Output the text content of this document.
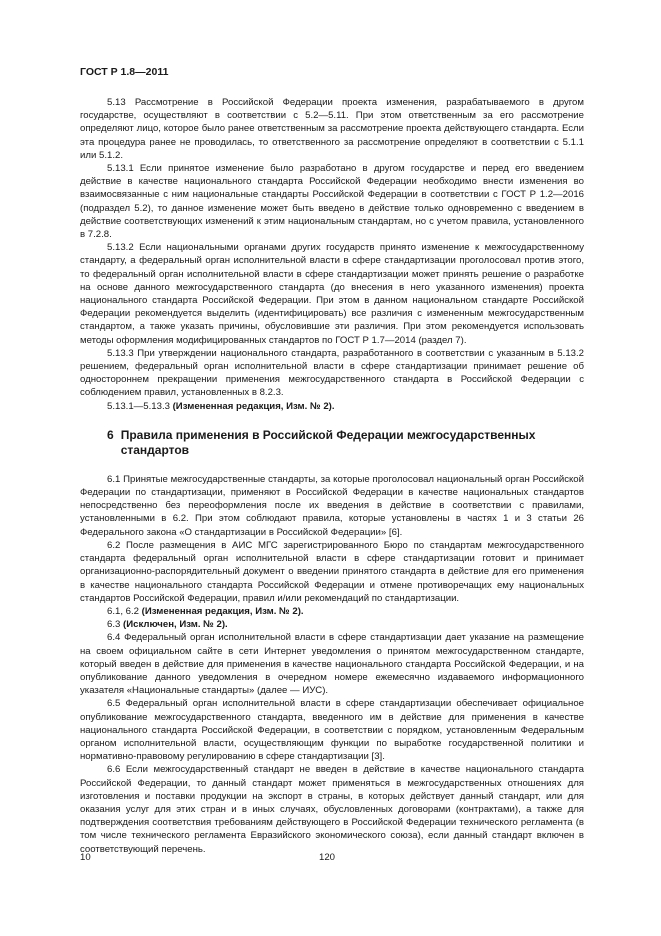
ГОСТ Р 1.8—2011

5.13 Рассмотрение в Российской Федерации проекта изменения, разрабатываемого в другом государстве, осуществляют в соответствии с 5.2—5.11. При этом ответственным за его рассмотрение определяют лицо, которое было ранее ответственным за рассмотрение проекта действующего стандарта. Если эта процедура ранее не проводилась, то ответственного за рассмотрение определяют в соответствии с 5.1.1 или 5.1.2.

5.13.1 Если принятое изменение было разработано в другом государстве и перед его введением действие в качестве национального стандарта Российской Федерации необходимо внести изменения во взаимосвязанные с ним национальные стандарты Российской Федерации в соответствии с ГОСТ Р 1.2—2016 (подраздел 5.2), то данное изменение может быть введено в действие только одновременно с введением в действие соответствующих изменений к этим национальным стандартам, но с учетом правила, установленного в 7.2.8.

5.13.2 Если национальными органами других государств принято изменение к межгосударственному стандарту, а федеральный орган исполнительной власти в сфере стандартизации проголосовал против этого, то федеральный орган исполнительной власти в сфере стандартизации может принять решение о разработке на основе данного межгосударственного стандарта (до внесения в него указанного изменения) проекта национального стандарта Российской Федерации. При этом в данном национальном стандарте Российской Федерации рекомендуется выделить (идентифицировать) все различия с измененным межгосударственным стандартом, а также указать причины, обусловившие эти различия. При этом рекомендуется использовать методы оформления модифицированных стандартов по ГОСТ Р 1.7—2014 (раздел 7).

5.13.3 При утверждении национального стандарта, разработанного в соответствии с указанным в 5.13.2 решением, федеральный орган исполнительной власти в сфере стандартизации принимает решение об одностороннем прекращении применения межгосударственного стандарта в Российской Федерации с соблюдением правил, установленных в 8.2.3.

5.13.1—5.13.3 (Измененная редакция, Изм. № 2).

6 Правила применения в Российской Федерации межгосударственных стандартов

6.1 Принятые межгосударственные стандарты, за которые проголосовал национальный орган Российской Федерации по стандартизации, применяют в Российской Федерации в качестве национальных стандартов непосредственно без переоформления после их введения в действие в соответствии с правилами, установленными в 6.2. При этом соблюдают правила, которые установлены в частях 1 и 3 статьи 26 Федерального закона «О стандартизации в Российской Федерации» [6].

6.2 После размещения в АИС МГС зарегистрированного Бюро по стандартам межгосударственного стандарта федеральный орган исполнительной власти в сфере стандартизации готовит и принимает организационно-распорядительный документ о введении принятого стандарта в действие для его применения в качестве национального стандарта Российской Федерации и отмене противоречащих ему национальных стандартов Российской Федерации, правил и/или рекомендаций по стандартизации.

6.1, 6.2 (Измененная редакция, Изм. № 2).

6.3 (Исключен, Изм. № 2).

6.4 Федеральный орган исполнительной власти в сфере стандартизации дает указание на размещение на своем официальном сайте в сети Интернет уведомления о принятом межгосударственном стандарте, который введен в действие для применения в качестве национального стандарта Российской Федерации, и на опубликование данного уведомления в очередном номере ежемесячно издаваемого информационного указателя «Национальные стандарты» (далее — ИУС).

6.5 Федеральный орган исполнительной власти в сфере стандартизации обеспечивает официальное опубликование межгосударственного стандарта, введенного им в действие для применения в качестве национального стандарта Российской Федерации, в соответствии с порядком, установленным Федеральным органом исполнительной власти, осуществляющим функции по выработке государственной политики и нормативно-правовому регулированию в сфере стандартизации [3].

6.6 Если межгосударственный стандарт не введен в действие в качестве национального стандарта Российской Федерации, то данный стандарт может применяться в межгосударственных отношениях для изготовления и поставки продукции на экспорт в страны, в которых действует данный стандарт, или для оказания услуг для этих стран и в иных случаях, обусловленных договорами (контрактами), а также для подтверждения соответствия требованиям действующего в Российской Федерации технического регламента (в том числе технического регламента Евразийского экономического союза), если данный стандарт включен в соответствующий перечень.

10	120
